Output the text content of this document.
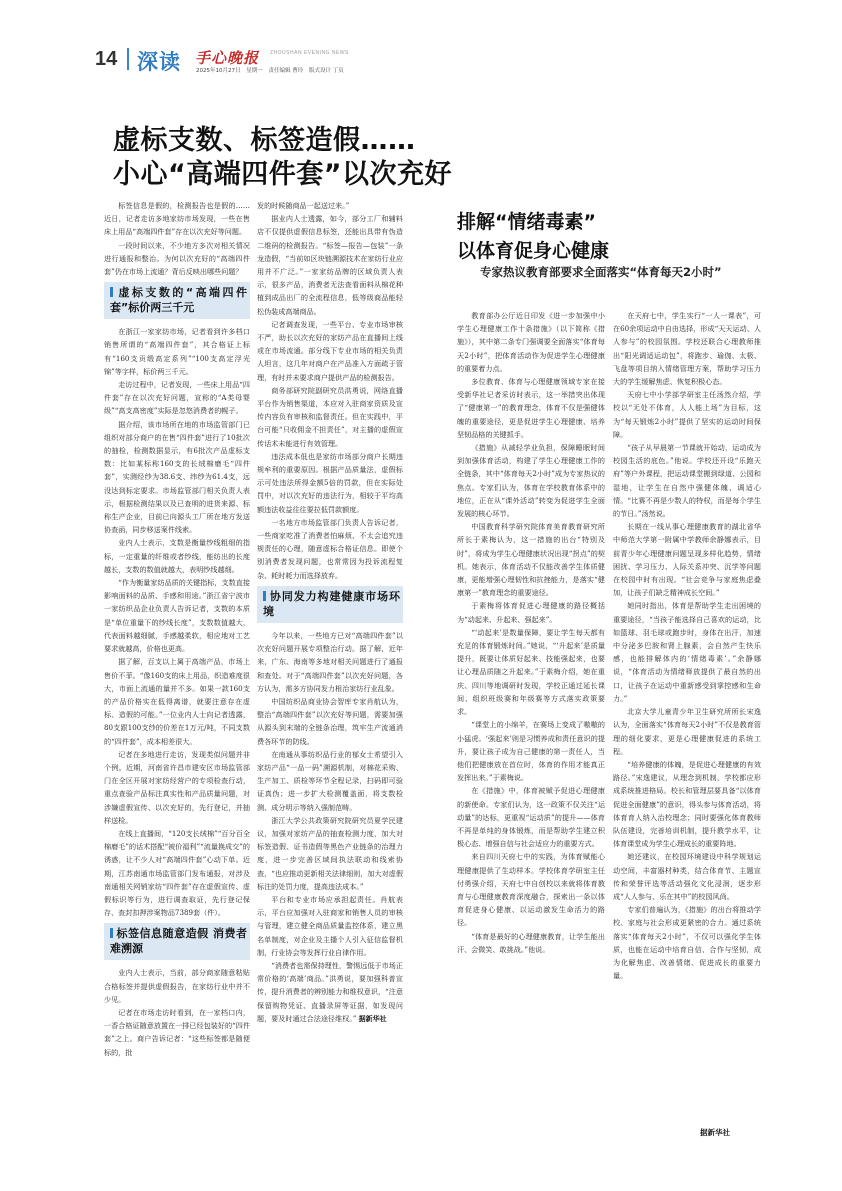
14 深读 手心晚报 ZHOUSHAN EVENING NEWS
2025年10月27日 星期一 责任编辑 曹玲 版式设计 丁页
虚标支数、标签造假……
小心“高端四件套”以次充好

标签信息是假的，检测报告也是假的……近日，记者走访多地家纺市场发现，一些在售床上用品“高端四件套”存在以次充好等问题。

一段时间以来，不少地方多次对相关情况进行通报和整治。为何以次充好的“高端四件套”仍在市场上流通？背后反映出哪些问题？

虚标支数的“高端四件套”标价两三千元

在浙江一家家纺市场，记者看到许多档口销售所谓的“高端四件套”，其合格证上标有“160支贡缎高定系列”“100支高定浮光锦”等字样，标价两三千元。

走访过程中，记者发现，一些床上用品“四件套”存在以次充好问题，宣称的“A类母婴级”“高支高密度”实际是忽悠消费者的幌子。

据介绍，该市场所在地的市场监管部门已组织对部分商户的在售“四件套”进行了10批次的抽检，检测数据显示，有6批次产品虚标支数：比如某标称160支的长绒棉磨毛“四件套”，实测经纱为38.6支、纬纱为61.4支，远没达到标定要求。市场监管部门相关负责人表示，根据检测结果以及已查明的进货来源、标称生产企业，目前已向源头工厂所在地方发送协查函，同步移送案件线索。

业内人士表示，支数是衡量纱线粗细的指标，一定重量的纤维或者纱线，能纺出的长度越长，支数的数值就越大，表明纱线越细。

“作为衡量家纺品质的关键指标，支数直接影响面料的品质、手感和用途。”浙江省宁波市一家纺织品企业负责人告诉记者，支数的本质是“单位重量下的纱线长度”，支数数值越大，代表面料越细腻，手感越柔软，相应地对工艺要求就越高，价格也更高。

据了解，百支以上属于高端产品，市场上售价不菲。“像160支的床上用品，织造难度很大，市面上流通的量并不多。如果一款160支的产品价格实在低得离谱，就要注意存在虚标、造假的可能。”一位业内人士向记者透露，80支跟100支纱的价差在1万元/吨，不同支数的“四件套”，成本相差很大。

记者在多地进行走访，发现类似问题并非个例。近期，河南省许昌市建安区市场监管部门在全区开展对家纺经营户的专项检查行动，重点查验产品标注真实性和产品质量问题，对涉嫌虚假宣传、以次充好的，先行登记，并抽样送检。

在线上直播间，“120支长绒棉”“百分百全棉磨毛”的话术搭配“被价福利”“流量换成交”的诱惑，让不少人对“高端四件套”心动下单。近期，江苏南通市场监管部门发布通报，对涉及南通相关网销家纺“四件套”存在虚假宣传、虚假标识等行为，进行调查取证，先行登记保存、查封扣押涉案物品7389套（件）。

标签信息随意造假 消费者难溯源

业内人士表示，当前，部分商家随意粘贴合格标签并提供虚假报告，在家纺行业中并不少见。

记者在市场走访时看到，在一家档口内，一香合格证随意放置在一排已经包装好的“四件套”之上。商户告诉记者：“这些标签都是随便标的，批

发的时候随商品一起送过来。”

据业内人士透露，如今，部分工厂和辅料店不仅提供虚假信息标签，还能出具带有伪造二维码的检测报告。“标签—报告—包装”一条龙造假，“当前如区块链溯源技术在家纺行业应用并不广泛。”一家家纺品牌的区域负责人表示，很多产品，消费者无法查看面料从棉花种植到成品出厂的全流程信息，低等级商品能轻松伪装成高端商品。

记者调查发现，一些平台、专业市场审核不严，助长以次充好的家纺产品在直播间上线或在市场流通。部分线下专业市场的相关负责人坦言，这几年对商户在产品准入方面疏于管理，有时并未要求商户提供产品的检测报告。

商务部研究院副研究员洪勇说，网络直播平台作为销售渠道，本应对入驻商家资质及宣传内容负有审核和监督责任。但在实践中，平台可能“只收佣金不担责任”，对主播的虚假宣传话术未能进行有效管理。

违法成本低也是家纺市场部分商户长期违规牟利的重要原因。根据产品质量法，虚假标示可处违法所得金额5倍的罚款，但在实际处罚中，对以次充好的违法行为，相较于平均高额违法收益往往要拉低罚款额度。

一名地方市场监管部门负责人告诉记者，一些商家吃准了消费者怕麻烦、不太会追究违规责任的心理，随意虚标合格证信息。即使个别消费者发现问题，也常常因为投诉流程复杂、耗时耗力而选择放弃。

协同发力构建健康市场环境

今年以来，一些地方已对“高端四件套”以次充好问题开展专项整治行动。据了解，近年来，广东、海南等多地对相关问题进行了通报和查处。对于“高端四件套”以次充好问题，各方认为，需多方协同发力根治家纺行业乱象。

中国纺织品商业协会智库专家肖航认为，整治“高端四件套”以次充好等问题，需要加强从源头到末端的全链条治理，筑牢生产流通消费各环节的防线。

在南通从事纺织品行业的郁女士希望引入家纺产品“一品一码”溯源机制，对棉花采购、生产加工、质检等环节全程记录，扫码即可验证真伪；进一步扩大检测覆盖面，将支数检测、成分明示等纳入强制范畴。

浙江大学公共政策研究院研究员夏学民建议，加强对家纺产品的抽查检测力度，加大对标签造假、证书造假等黑色产业链条的治理力度，进一步完善区域间执法联动和线索协查，“也应推动更新相关法律细则，加大对虚假标注的处罚力度，提高违法成本。”

平台和专业市场应承担起责任。肖航表示，平台应加强对入驻商家和销售人员的审核与管理，建立健全商品质量监控体系，建立黑名单制度，对企业及主播个人引入征信监督机制，行业协会等发挥行业自律作用。

“消费者也需保持理性，警惕远低于市场正常价格的‘高端’商品。”洪勇说，要加强科普宣传，提升消费者的辨别能力和维权意识，“注意保留购物凭证、直播录屏等证据，如发现问题，要及时通过合法途径维权。” 据新华社

排解“情绪毒素”
以体育促身心健康
专家热议教育部要求全面落实“体育每天2小时”

教育部办公厅近日印发《进一步加强中小学生心理健康工作十条措施》（以下简称《措施》），其中第二条专门强调要全面落实“体育每天2小时”，把体育活动作为促进学生心理健康的重要着力点。

多位教育、体育与心理健康领域专家在接受新华社记者采访时表示，这一举措突出体现了“健康第一”的教育理念，体育不仅是强健体魄的重要途径，更是促进学生心理健康、培养坚韧品格的关键抓手。

《措施》从减轻学业负担，保障睡眠时间到加强体育活动，构建了学生心理健康工作的全链条，其中“体育每天2小时”成为专家热议的焦点。专家们认为，体育在学校教育体系中的地位，正在从“课外活动”转变为促进学生全面发展的核心环节。

中国教育科学研究院体育美育教育研究所所长于素梅认为，这一措施的出台“特别及时”，将成为学生心理健康状况出现“拐点”的契机。她表示，体育活动不仅能改善学生体质健康，更能增强心理韧性和抗挫能力，是落实“健康第一”教育理念的重要途径。

于素梅将体育促进心理健康的路径概括为“动起来、升起来、强起来”。

“‘动起来’是数量保障，要让学生每天都有充足的体育锻炼时间。”她说，“‘升起来’是质量提升，既要让体质好起来、技能强起来，也要让心理品质随之升起来。”于素梅介绍，她在重庆、四川等地调研时发现，学校正通过延长课间、组织班级赛和年级赛等方式落实政策要求。

“课堂上的小绵羊，在赛场上变成了嗷嗷的小猛虎。‘强起来’则是习惯养成和责任意识的提升，要让孩子成为自己健康的第一责任人，当他们把健康放在首位时，体育的作用才能真正发挥出来。”于素梅说。

在《措施》中，体育被赋予促进心理健康的新使命。专家们认为，这一政策不仅关注“运动量”的达标，更重视“运动质”的提升——体育不再是单纯的身体锻炼，而是帮助学生建立积极心态、增强自信与社会适应力的重要方式。

来自四川天府七中的实践，为体育赋能心理健康提供了生动样本。学校体育学研室主任付勇强介绍，天府七中自创校以来就将体育教育与心理健康教育深度融合，探索出一条以体育促进身心健康、以运动激发生命活力的路径。

“体育是最好的心理健康教育，让学生能出汗、会微笑、敢挑战。”他说。

在天府七中，学生实行“一人一课表”，可在60余项运动中自由选择，形成“天天运动、人人参与”的校园氛围。学校还联合心理教师推出“阳光调适运动包”，将跑步、瑜伽、太极、飞盘等项目纳入情绪管理方案，帮助学习压力大的学生缓解焦虑、恢复积极心态。

天府七中小学部学研室主任汤然介绍，学校以“无处不体育，人人能上场”为目标，这为“每天锻炼2小时”提供了坚实的运动时间保障。

“孩子从早晨第一节课就开始动，运动成为校园生活的底色。”他说。学校还开设“乐跑天府”等户外课程，把运动课堂搬到绿道、公园和湿地，让学生在自然中强健体魄、调适心情。“比赛不再是少数人的特权，而是每个学生的节日。”汤然说。

长期在一线从事心理健康教育的湖北省华中师范大学第一附属中学教师余静娜表示，目前青少年心理健康问题呈现多样化趋势，情绪困扰、学习压力、人际关系冲突、沉学等问题在校园中时有出现。“社会竞争与家庭焦虑叠加，让孩子们缺乏精神成长空间。”

她同时指出，体育是帮助学生走出困境的重要途径，“当孩子能选择自己喜欢的运动，比如篮球、羽毛球或跑步时，身体在出汗，加速中分泌多巴胺和肾上腺素，会自然产生快乐感，也能排解体内的‘情绪毒素’。”余静娜说，“体育活动为情绪释放提供了最自然的出口，让孩子在运动中重新感受到掌控感和生命力。”

北京大学儿童青少年卫生研究所所长宋逸认为，全面落实“体育每天2小时”不仅是教育管理的细化要求，更是心理健康促进的系统工程。

“培养健康的体魄，是促进心理健康的有效路径。”宋逸建议，从理念到机制，学校都应形成系统推进格局。校长和管理层要具备“以体育促进全面健康”的意识，得头参与体育活动，将体育育人纳入治校理念；同时要强化体育教师队伍建设，完善培训机制，提升教学水平，让体育课堂成为学生心理成长的重要阵地。

她还建议，在校园环境建设中科学规划运动空间，丰富器材种类，结合体育节、主题宣传和荣誉评选等活动强化文化浸润，逐步形成“人人参与、乐在其中”的校园风尚。

专家们普遍认为，《措施》的出台将推动学校、家庭与社会形成更紧密的合力。通过系统落实“体育每天2小时”，不仅可以强化学生体质，也能在运动中培育自信、合作与坚韧，成为化解焦虑、改善情绪、促进成长的重要力量。

据新华社
